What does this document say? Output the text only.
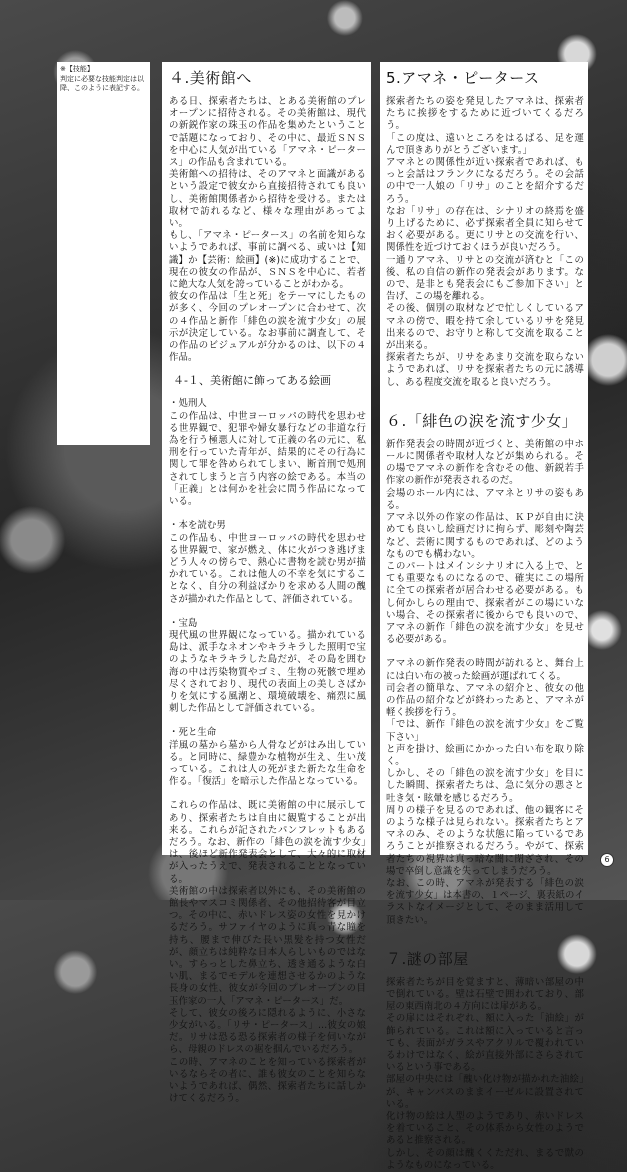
※【技能】
判定に必要な技能判定は以降、このように表記する。
４.美術館へ

ある日、探索者たちは、とある美術館のプレオープンに招待される。その美術館は、現代の新鋭作家の珠玉の作品を集めたということで話題になっており、その中に、最近ＳＮＳを中心に人気が出ている「アマネ・ピータース」の作品も含まれている。

美術館への招待は、そのアマネと面識があるという設定で彼女から直接招待されても良いし、美術館関係者から招待を受ける。または取材で訪れるなど、様々な理由があってよい。

もし、「アマネ・ピータース」の名前を知らないようであれば、事前に調べる、或いは【知識】か【芸術：絵画】(※)に成功することで、現在の彼女の作品が、ＳＮＳを中心に、若者に絶大な人気を誇っていることがわかる。

彼女の作品は「生と死」をテーマにしたものが多く、今回のプレオープンに合わせて、次の４作品と新作「緋色の涙を流す少女」の展示が決定している。なお事前に調査して、その作品のビジュアルが分かるのは、以下の４作品。

４-１、美術館に飾ってある絵画

・処刑人

この作品は、中世ヨーロッパの時代を思わせる世界観で、犯罪や婦女暴行などの非道な行為を行う極悪人に対して正義の名の元に、私刑を行っていた青年が、結果的にその行為に関して罪を咎められてしまい、断首刑で処刑されてしまうと言う内容の絵である。本当の「正義」とは何かを社会に問う作品になっている。

・本を読む男

この作品も、中世ヨーロッパの時代を思わせる世界観で、家が燃え、体に火がつき逃げまどう人々の傍らで、熱心に書物を読む男が描かれている。これは他人の不幸を気にすることなく、自分の利益ばかりを求める人間の醜さが描かれた作品として、評価されている。

・宝島

現代風の世界観になっている。描かれている島は、派手なネオンやキラキラした照明で宝のようなキラキラした島だが、その島を囲む海の中は汚染物質やゴミ、生物の死骸で埋め尽くされており、現代の表面上の美しさばかりを気にする風潮と、環境破壊を、痛烈に風刺した作品として評価されている。

・死と生命

洋風の墓から墓から人骨などがはみ出している。と同時に、緑豊かな植物が生え、生い茂っている。これは人の死がまた新たな生命を作る。「復活」を暗示した作品となっている。

これらの作品は、既に美術館の中に展示してあり、探索者たちは自由に観覧することが出来る。これらが記されたパンフレットもあるだろう。なお、新作の「緋色の涙を流す少女」は、後ほど新作発表会として、大々的に取材が入ったうえで、発表されることとなっている。

美術館の中は探索者以外にも、その美術館の館長やマスコミ関係者、その他招待客が目立つ。その中に、赤いドレス姿の女性を見かけるだろう。サファイヤのように真っ青な瞳を持ち、腰まで伸びた長い黒髪を持つ女性だが、顔立ちは純粋な日本人らしいものではない。すらっとした鼻立ち、透き通るような白い肌、まるでモデルを連想させるかのような長身の女性、彼女が今回のプレオープンの目玉作家の一人「アマネ・ピータース」だ。

そして、彼女の後ろに隠れるように、小さな少女がいる。「リサ・ピータース」…彼女の娘だ。リサは恐る恐る探索者の様子を伺いながら、母親のドレスの裾を掴んでいるだろう。

この時、アマネのことを知っている探索者がいるならその者に、誰も彼女のことを知らないようであれば、偶然、探索者たちに話しかけてくるだろう。

5.アマネ・ピータース

探索者たちの姿を発見したアマネは、探索者たちに挨拶をするために近づいてくるだろう。

「この度は、遠いところをはるばる、足を運んで頂きありがとうございます。」

アマネとの関係性が近い探索者であれば、もっと会話はフランクになるだろう。その会話の中で一人娘の「リサ」のことを紹介するだろう。

なお「リサ」の存在は、シナリオの終焉を盛り上げるために、必ず探索者全員に知らせておく必要がある。更にリサとの交流を行い、関係性を近づけておくほうが良いだろう。

一通りアマネ、リサとの交流が済むと「この後、私の自信の新作の発表会があります。なので、是非とも発表会にもご参加下さい」と告げ、この場を離れる。

その後、個別の取材などで忙しくしているアマネの傍で、暇を持て余しているリサを発見出来るので、お守りと称して交流を取ることが出来る。

探索者たちが、リサをあまり交流を取らないようであれば、リサを探索者たちの元に誘導し、ある程度交流を取ると良いだろう。

６.「緋色の涙を流す少女」

新作発表会の時間が近づくと、美術館の中ホールに関係者や取材人などが集められる。その場でアマネの新作を含むその他、新鋭若手作家の新作が発表されるのだ。

会場のホール内には、アマネとリサの姿もある。

アマネ以外の作家の作品は、ＫＰが自由に決めても良いし絵画だけに拘らず、彫刻や陶芸など、芸術に関するものであれば、どのようなものでも構わない。

このパートはメインシナリオに入る上で、とても重要なものになるので、確実にこの場所に全ての探索者が居合わせる必要がある。もし何かしらの理由で、探索者がこの場にいない場合、その探索者に後からでも良いので、アマネの新作「緋色の涙を流す少女」を見せる必要がある。

アマネの新作発表の時間が訪れると、舞台上には白い布の被った絵画が運ばれてくる。

司会者の簡単な、アマネの紹介と、彼女の他の作品の紹介などが終わったあと、アマネが軽く挨拶を行う。

「では、新作『緋色の涙を流す少女』をご覧下さい」

と声を掛け、絵画にかかった白い布を取り除く。

しかし、その「緋色の涙を流す少女」を目にした瞬間、探索者たちは、急に気分の悪さと吐き気・眩暈を感じるだろう。

周りの様子を見るのであれば、他の観客にそのような様子は見られない。探索者たちとアマネのみ、そのような状態に陥っているであろうことが推察されるだろう。やがて、探索者たちの視界は真っ暗な闇に閉ざされ、その場で卒倒し意識を失ってしまうだろう。

なお、この時、アマネが発表する「緋色の涙を流す少女」は本書の、１ページ、裏表紙のイラストなイメージとして、そのまま活用して頂きたい。

７.謎の部屋

探索者たちが目を覚ますと、薄暗い部屋の中で倒れている。壁は石壁で囲われており、部屋の東西南北の４方向には扉がある。

その扉にはそれぞれ、額に入った「油絵」が飾られている。これは額に入っていると言っても、表面がガラスやアクリルで覆われているわけではなく、絵が直接外部にさらされているという事である。

部屋の中央には「醜い化け物が描かれた油絵」が、キャンバスのままイーゼルに設置されている。

化け物の絵は人型のようであり、赤いドレスを着ていること、その体系から女性のようであると推察される。

しかし、その顔は醜くくただれ、まるで獣のようなものになっている。

6
